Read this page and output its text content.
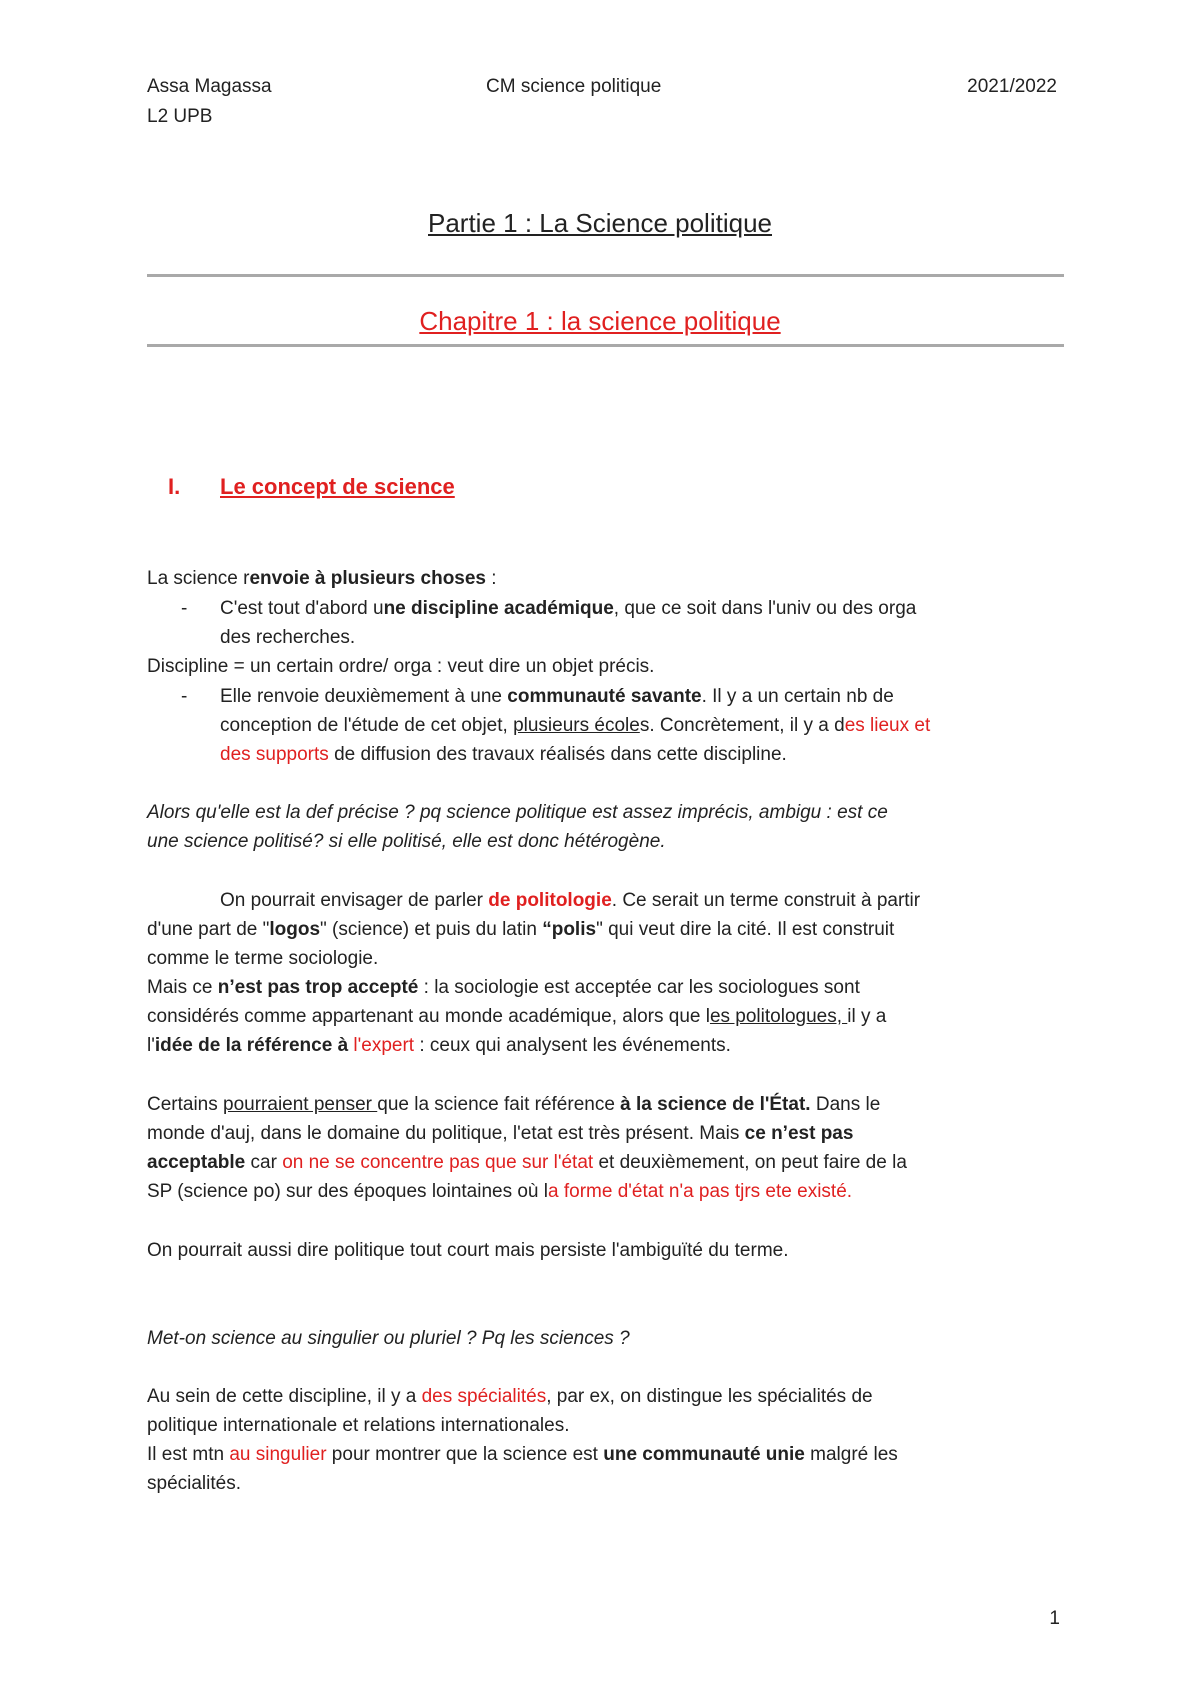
Assa Magassa
L2 UPB
CM science politique	2021/2022
Partie 1 : La Science politique
Chapitre 1 : la science politique
I. Le concept de science
La science renvoie à plusieurs choses :
- C'est tout d'abord une discipline académique, que ce soit dans l'univ ou des orga
des recherches.
Discipline = un certain ordre/ orga : veut dire un objet précis.
- Elle renvoie deuxièmement à une communauté savante. Il y a un certain nb de
conception de l'étude de cet objet, plusieurs écoles. Concrètement, il y a des lieux et
des supports de diffusion des travaux réalisés dans cette discipline.
Alors qu'elle est la def précise ? pq science politique est assez imprécis, ambigu : est ce
une science politisé? si elle politisé, elle est donc hétérogène.
On pourrait envisager de parler de politologie. Ce serait un terme construit à partir
d'une part de "logos" (science) et puis du latin “polis" qui veut dire la cité. Il est construit
comme le terme sociologie.
Mais ce n’est pas trop accepté : la sociologie est acceptée car les sociologues sont
considérés comme appartenant au monde académique, alors que les politologues, il y a
l'idée de la référence à l'expert : ceux qui analysent les événements.
Certains pourraient penser que la science fait référence à la science de l'État. Dans le
monde d'auj, dans le domaine du politique, l'etat est très présent. Mais ce n’est pas
acceptable car on ne se concentre pas que sur l'état et deuxièmement, on peut faire de la
SP (science po) sur des époques lointaines où la forme d'état n'a pas tjrs ete existé.
On pourrait aussi dire politique tout court mais persiste l'ambiguïté du terme.
Met-on science au singulier ou pluriel ? Pq les sciences ?
Au sein de cette discipline, il y a des spécialités, par ex, on distingue les spécialités de
politique internationale et relations internationales.
Il est mtn au singulier pour montrer que la science est une communauté unie malgré les
spécialités.
1
